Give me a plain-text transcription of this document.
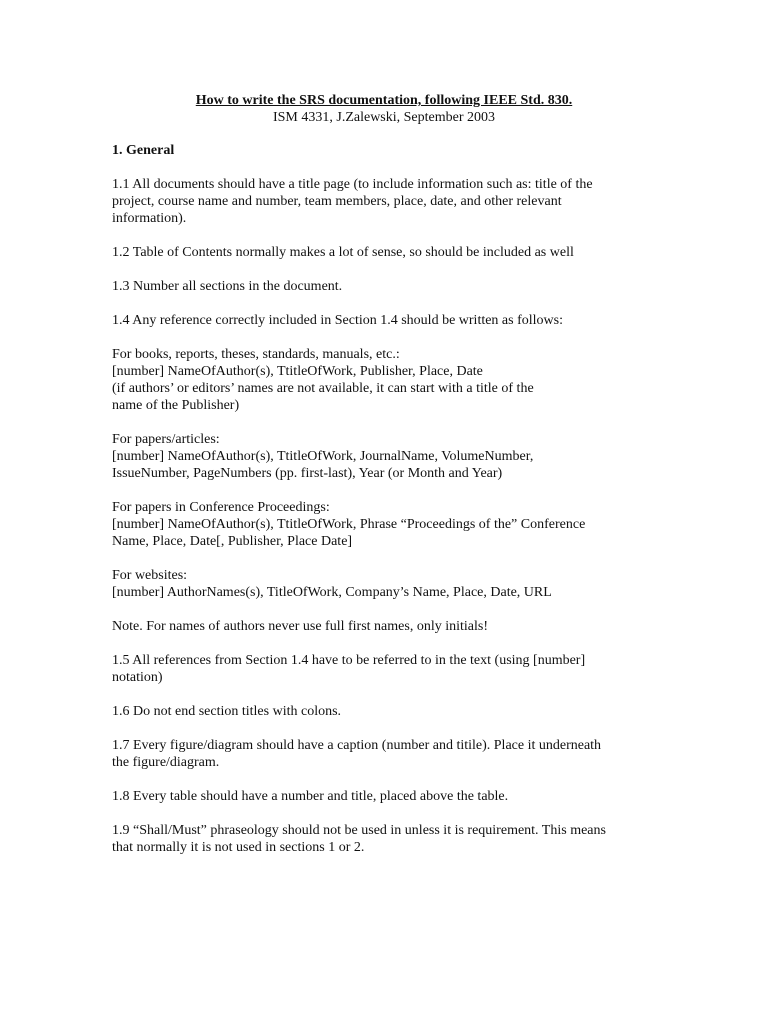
How to write the SRS documentation, following IEEE Std. 830.
ISM 4331, J.Zalewski, September 2003
1. General
1.1 All documents should have a title page (to include information such as: title of the
project, course name and number, team members, place, date, and other relevant
information).
1.2 Table of Contents normally makes a lot of sense, so should be included as well
1.3 Number all sections in the document.
1.4 Any reference correctly included in Section 1.4 should be written as follows:
For books, reports, theses, standards, manuals, etc.:
[number] NameOfAuthor(s), TtitleOfWork, Publisher, Place, Date
(if authors’ or editors’ names are not available, it can start with a title of the
name of the Publisher)
For papers/articles:
[number] NameOfAuthor(s), TtitleOfWork, JournalName, VolumeNumber,
IssueNumber, PageNumbers (pp. first-last), Year (or Month and Year)
For papers in Conference Proceedings:
[number] NameOfAuthor(s), TtitleOfWork, Phrase “Proceedings of the” Conference
Name, Place, Date[, Publisher, Place Date]
For websites:
[number] AuthorNames(s), TitleOfWork, Company’s Name, Place, Date, URL
Note. For names of authors never use full first names, only initials!
1.5 All references from Section 1.4 have to be referred to in the text (using [number]
notation)
1.6 Do not end section titles with colons.
1.7 Every figure/diagram should have a caption (number and titile). Place it underneath
the figure/diagram.
1.8 Every table should have a number and title, placed above the table.
1.9 “Shall/Must” phraseology should not be used in unless it is requirement. This means
that normally it is not used in sections 1 or 2.
